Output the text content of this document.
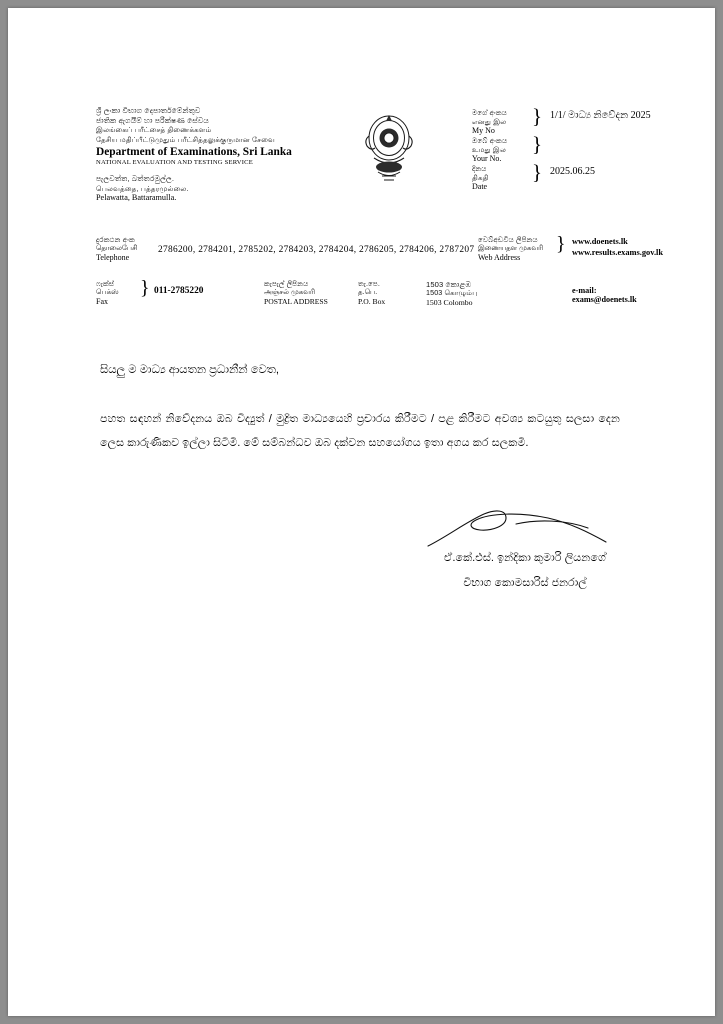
ශ්‍රී ලංකා විභාග දෙපාර්තමේන්තුව
ජාතික ඇගයීම් හා පරීක්ෂණ සේවය
இலங்கைப் பரீட்சைத் திணைக்களம்
தேசிய மதிப்பீட்டுமுதும் பரீட்சித்தலுக்குருமான சேவை
Department of Examinations, Sri Lanka
NATIONAL EVALUATION AND TESTING SERVICE
පැලවත්ත, බත්තරමුල්ල.
பெலவத்தை, பத்தரமுல்லை.
Pelawatta, Battaramulla.
මගේ අංකය
எனது இல
My No
} 1/1/ මාධ්‍ය නිවේදන 2025
ඔබේ අංකය
உமது இல
Your No.
}
දිනය
திகதி
Date
} 2025.06.25
දුරකථන අංක
தொலைபேசி
Telephone
2786200, 2784201, 2785202, 2784203, 2784204, 2786205, 2784206, 2787207
වෙබ්අඩවිය ලිපිනය
இணையதள முகவரி
Web Address
} www.doenets.lk
www.results.exams.gov.lk
ෆැක්ස්
பெக்ஸ்
Fax
} 011-2785220
කැපැල් ලිපිනය
அஞ்சல் முகவரி
POSTAL ADDRESS
තැ.පෙ.
த.பெ.
P.O. Box
1503 කොළඹ
1503 கொழும்பு
1503 Colombo
e-mail: exams@doenets.lk
සියලු ම මාධ්‍ය ආයතන ප්‍රධානීන් වෙත,
පහත සඳහන් නිවේදනය ඔබ විද්‍යුත් / මුද්‍රිත මාධ්‍යයෙහි ප්‍රචාරය කිරීමට / පළ කිරීමට අවශ්‍ය කටයුතු සලසා දෙන ලෙස කාරුණිකව ඉල්ලා සිටිමි. මේ සම්බන්ධව ඔබ දක්වන සහයෝගය ඉතා අගය කර සලකමි.
ඒ.කේ.එස්. ඉන්දිකා කුමාරි ලියනගේ
විභාග කොමසාරිස් ජනරාල්
